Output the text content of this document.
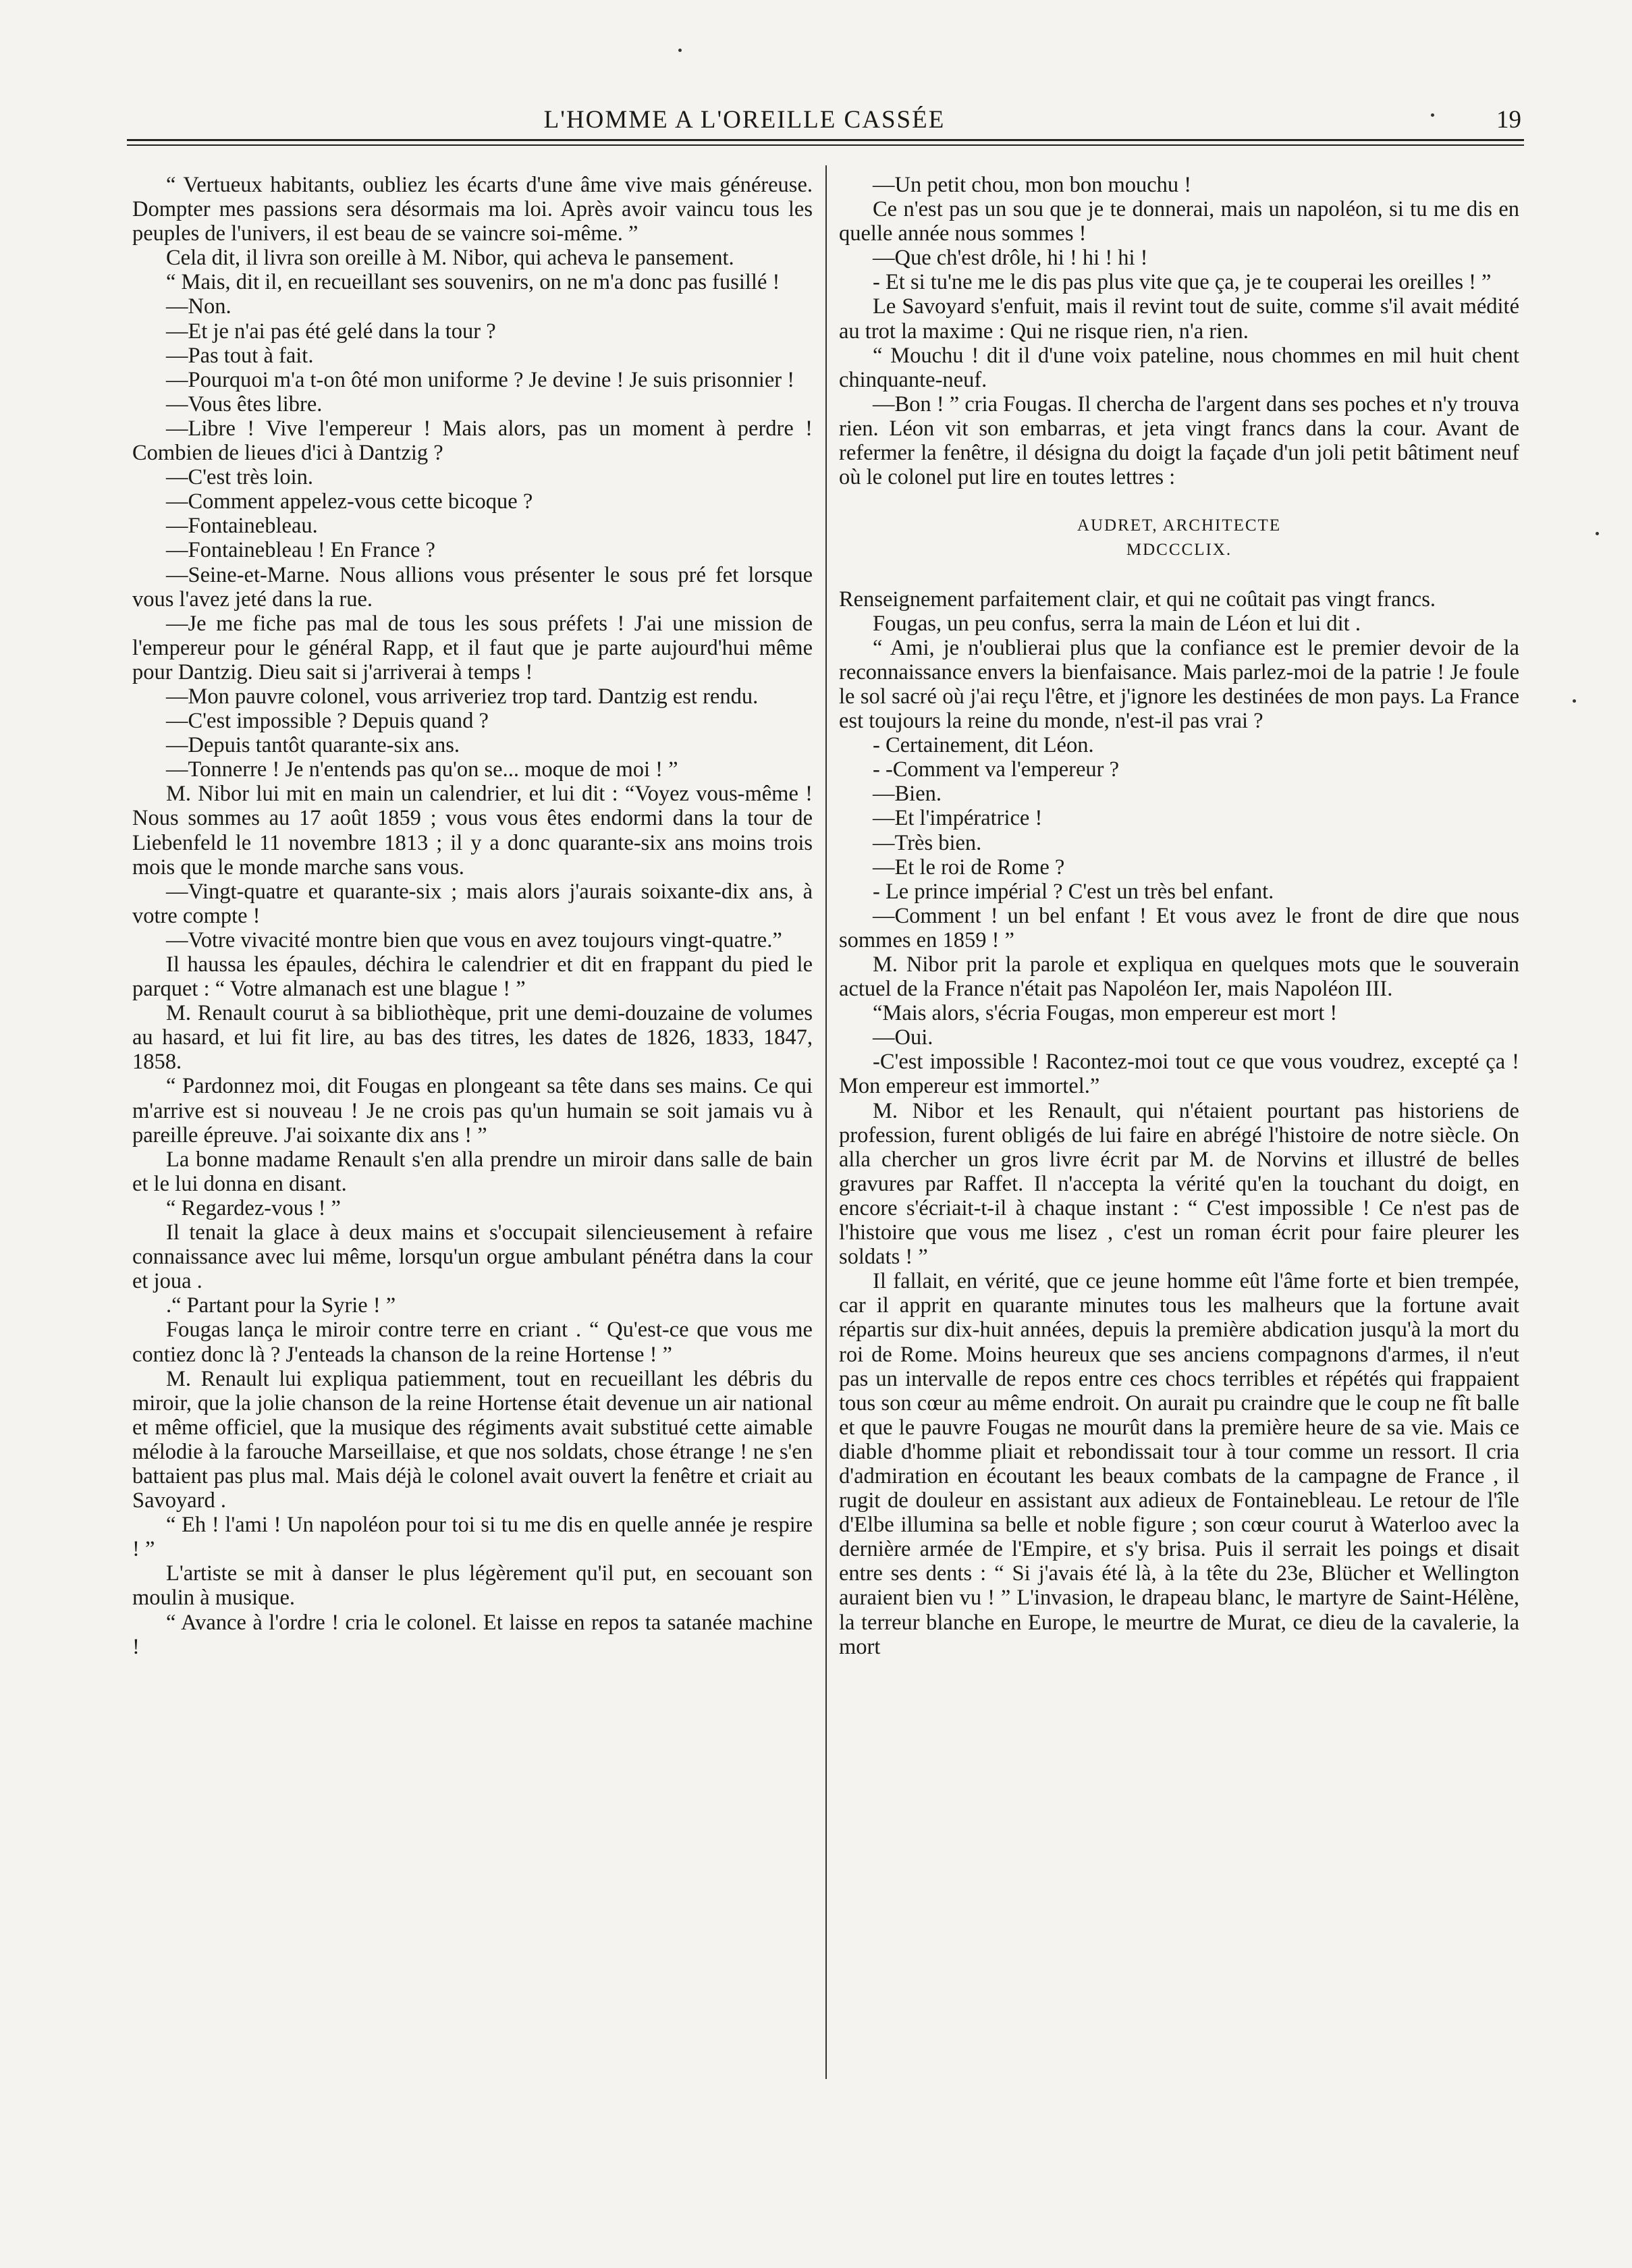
L'HOMME A L'OREILLE CASSÉE	19

“ Vertueux habitants, oubliez les écarts d'une âme vive mais généreuse. Dompter mes passions sera désormais ma loi. Après avoir vaincu tous les peuples de l'univers, il est beau de se vaincre soi-même. ”

Cela dit, il livra son oreille à M. Nibor, qui acheva le pansement.

“ Mais, dit il, en recueillant ses souvenirs, on ne m'a donc pas fusillé !

—Non.

—Et je n'ai pas été gelé dans la tour ?

—Pas tout à fait.

—Pourquoi m'a t-on ôté mon uniforme ? Je devine ! Je suis prisonnier !

—Vous êtes libre.

—Libre ! Vive l'empereur ! Mais alors, pas un moment à perdre ! Combien de lieues d'ici à Dantzig ?

—C'est très loin.

—Comment appelez-vous cette bicoque ?

—Fontainebleau.

—Fontainebleau ! En France ?

—Seine-et-Marne. Nous allions vous présenter le sous pré fet lorsque vous l'avez jeté dans la rue.

—Je me fiche pas mal de tous les sous préfets ! J'ai une mission de l'empereur pour le général Rapp, et il faut que je parte aujourd'hui même pour Dantzig. Dieu sait si j'arriverai à temps !

—Mon pauvre colonel, vous arriveriez trop tard. Dantzig est rendu.

—C'est impossible ? Depuis quand ?

—Depuis tantôt quarante-six ans.

—Tonnerre ! Je n'entends pas qu'on se... moque de moi ! ”

M. Nibor lui mit en main un calendrier, et lui dit : “Voyez vous-même ! Nous sommes au 17 août 1859 ; vous vous êtes endormi dans la tour de Liebenfeld le 11 novembre 1813 ; il y a donc quarante-six ans moins trois mois que le monde marche sans vous.

—Vingt-quatre et quarante-six ; mais alors j'aurais soixante-dix ans, à votre compte !

—Votre vivacité montre bien que vous en avez toujours vingt-quatre.”

Il haussa les épaules, déchira le calendrier et dit en frappant du pied le parquet : “ Votre almanach est une blague ! ”

M. Renault courut à sa bibliothèque, prit une demi-douzaine de volumes au hasard, et lui fit lire, au bas des titres, les dates de 1826, 1833, 1847, 1858.

“ Pardonnez moi, dit Fougas en plongeant sa tête dans ses mains. Ce qui m'arrive est si nouveau ! Je ne crois pas qu'un humain se soit jamais vu à pareille épreuve. J'ai soixante dix ans ! ”

La bonne madame Renault s'en alla prendre un miroir dans salle de bain et le lui donna en disant.

“ Regardez-vous ! ”

Il tenait la glace à deux mains et s'occupait silencieusement à refaire connaissance avec lui même, lorsqu'un orgue ambulant pénétra dans la cour et joua .

.“ Partant pour la Syrie ! ”

Fougas lança le miroir contre terre en criant . “ Qu'est-ce que vous me contiez donc là ? J'enteads la chanson de la reine Hortense ! ”

M. Renault lui expliqua patiemment, tout en recueillant les débris du miroir, que la jolie chanson de la reine Hortense était devenue un air national et même officiel, que la musique des régiments avait substitué cette aimable mélodie à la farouche Marseillaise, et que nos soldats, chose étrange ! ne s'en battaient pas plus mal. Mais déjà le colonel avait ouvert la fenêtre et criait au Savoyard .

“ Eh ! l'ami ! Un napoléon pour toi si tu me dis en quelle année je respire ! ”

L'artiste se mit à danser le plus légèrement qu'il put, en secouant son moulin à musique.

“ Avance à l'ordre ! cria le colonel. Et laisse en repos ta satanée machine !

—Un petit chou, mon bon mouchu !

Ce n'est pas un sou que je te donnerai, mais un napoléon, si tu me dis en quelle année nous sommes !

—Que ch'est drôle, hi ! hi ! hi !

- Et si tu'ne me le dis pas plus vite que ça, je te couperai les oreilles ! ”

Le Savoyard s'enfuit, mais il revint tout de suite, comme s'il avait médité au trot la maxime : Qui ne risque rien, n'a rien.

“ Mouchu ! dit il d'une voix pateline, nous chommes en mil huit chent chinquante-neuf.

—Bon ! ” cria Fougas. Il chercha de l'argent dans ses poches et n'y trouva rien. Léon vit son embarras, et jeta vingt francs dans la cour. Avant de refermer la fenêtre, il désigna du doigt la façade d'un joli petit bâtiment neuf où le colonel put lire en toutes lettres :

AUDRET, ARCHITECTE

MDCCCLIX.

Renseignement parfaitement clair, et qui ne coûtait pas vingt francs.

Fougas, un peu confus, serra la main de Léon et lui dit .

“ Ami, je n'oublierai plus que la confiance est le premier devoir de la reconnaissance envers la bienfaisance. Mais parlez-moi de la patrie ! Je foule le sol sacré où j'ai reçu l'être, et j'ignore les destinées de mon pays. La France est toujours la reine du monde, n'est-il pas vrai ?

- Certainement, dit Léon.

- -Comment va l'empereur ?

—Bien.

—Et l'impératrice !

—Très bien.

—Et le roi de Rome ?

- Le prince impérial ? C'est un très bel enfant.

—Comment ! un bel enfant ! Et vous avez le front de dire que nous sommes en 1859 ! ”

M. Nibor prit la parole et expliqua en quelques mots que le souverain actuel de la France n'était pas Napoléon Ier, mais Napoléon III.

“Mais alors, s'écria Fougas, mon empereur est mort !

—Oui.

-C'est impossible ! Racontez-moi tout ce que vous voudrez, excepté ça ! Mon empereur est immortel.”

M. Nibor et les Renault, qui n'étaient pourtant pas historiens de profession, furent obligés de lui faire en abrégé l'histoire de notre siècle. On alla chercher un gros livre écrit par M. de Norvins et illustré de belles gravures par Raffet. Il n'accepta la vérité qu'en la touchant du doigt, en encore s'écriait-t-il à chaque instant : “ C'est impossible ! Ce n'est pas de l'histoire que vous me lisez , c'est un roman écrit pour faire pleurer les soldats ! ”

Il fallait, en vérité, que ce jeune homme eût l'âme forte et bien trempée, car il apprit en quarante minutes tous les malheurs que la fortune avait répartis sur dix-huit années, depuis la première abdication jusqu'à la mort du roi de Rome. Moins heureux que ses anciens compagnons d'armes, il n'eut pas un intervalle de repos entre ces chocs terribles et répétés qui frappaient tous son cœur au même endroit. On aurait pu craindre que le coup ne fît balle et que le pauvre Fougas ne mourût dans la première heure de sa vie. Mais ce diable d'homme pliait et rebondissait tour à tour comme un ressort. Il cria d'admiration en écoutant les beaux combats de la campagne de France , il rugit de douleur en assistant aux adieux de Fontainebleau. Le retour de l'île d'Elbe illumina sa belle et noble figure ; son cœur courut à Waterloo avec la dernière armée de l'Empire, et s'y brisa. Puis il serrait les poings et disait entre ses dents : “ Si j'avais été là, à la tête du 23e, Blücher et Wellington auraient bien vu ! ” L'invasion, le drapeau blanc, le martyre de Saint-Hélène, la terreur blanche en Europe, le meurtre de Murat, ce dieu de la cavalerie, la mort
